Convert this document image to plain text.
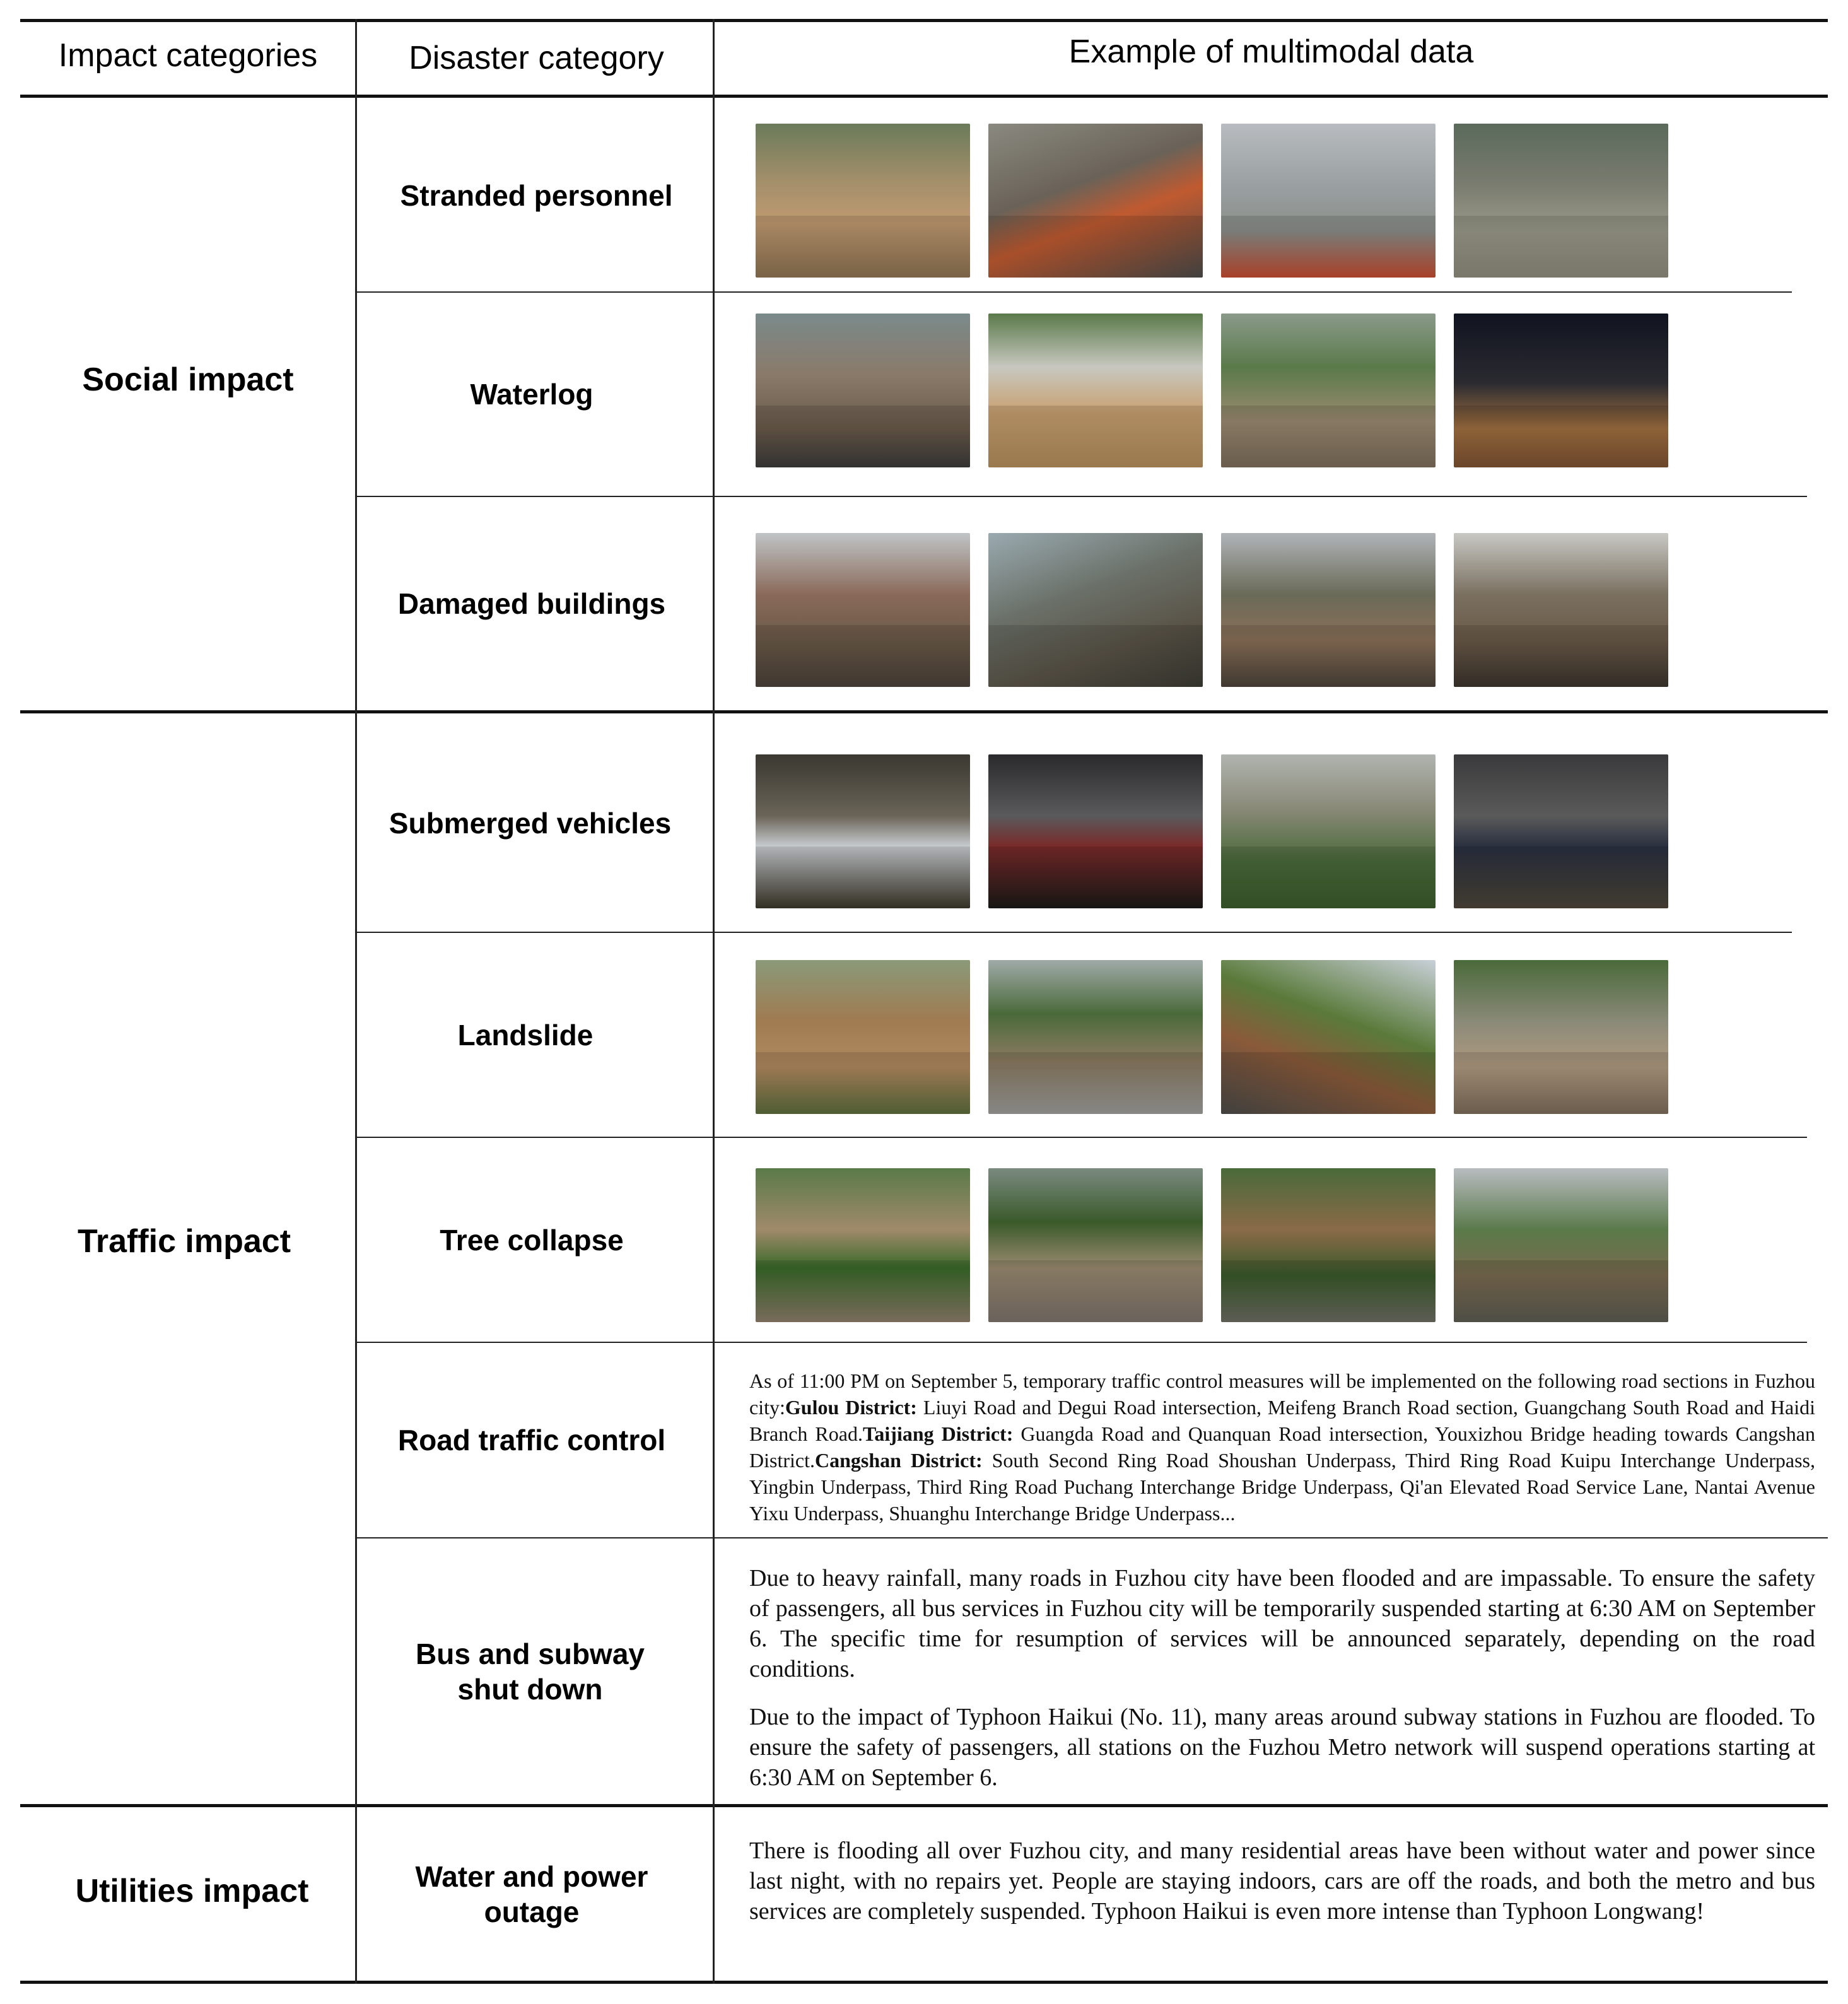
Impact categories	Disaster category	Example of multimodal data
Social impact
Traffic impact
Utilities impact
Stranded personnel
Waterlog
Damaged buildings
Submerged vehicles
Landslide
Tree collapse
Road traffic control
Bus and subway
shut down
Water and power
outage

As of 11:00 PM on September 5, temporary traffic control measures will be implemented on the following road sections in Fuzhou city:Gulou District: Liuyi Road and Degui Road intersection, Meifeng Branch Road section, Guangchang South Road and Haidi Branch Road.Taijiang District: Guangda Road and Quanquan Road intersection, Youxizhou Bridge heading towards Cangshan District.Cangshan District: South Second Ring Road Shoushan Underpass, Third Ring Road Kuipu Interchange Underpass, Yingbin Underpass, Third Ring Road Puchang Interchange Bridge Underpass, Qi'an Elevated Road Service Lane, Nantai Avenue Yixu Underpass, Shuanghu Interchange Bridge Underpass...

Due to heavy rainfall, many roads in Fuzhou city have been flooded and are impassable. To ensure the safety of passengers, all bus services in Fuzhou city will be temporarily suspended starting at 6:30 AM on September 6. The specific time for resumption of services will be announced separately, depending on the road conditions.

Due to the impact of Typhoon Haikui (No. 11), many areas around subway stations in Fuzhou are flooded. To ensure the safety of passengers, all stations on the Fuzhou Metro network will suspend operations starting at 6:30 AM on September 6.

There is flooding all over Fuzhou city, and many residential areas have been without water and power since last night, with no repairs yet. People are staying indoors, cars are off the roads, and both the metro and bus services are completely suspended. Typhoon Haikui is even more intense than Typhoon Longwang!
